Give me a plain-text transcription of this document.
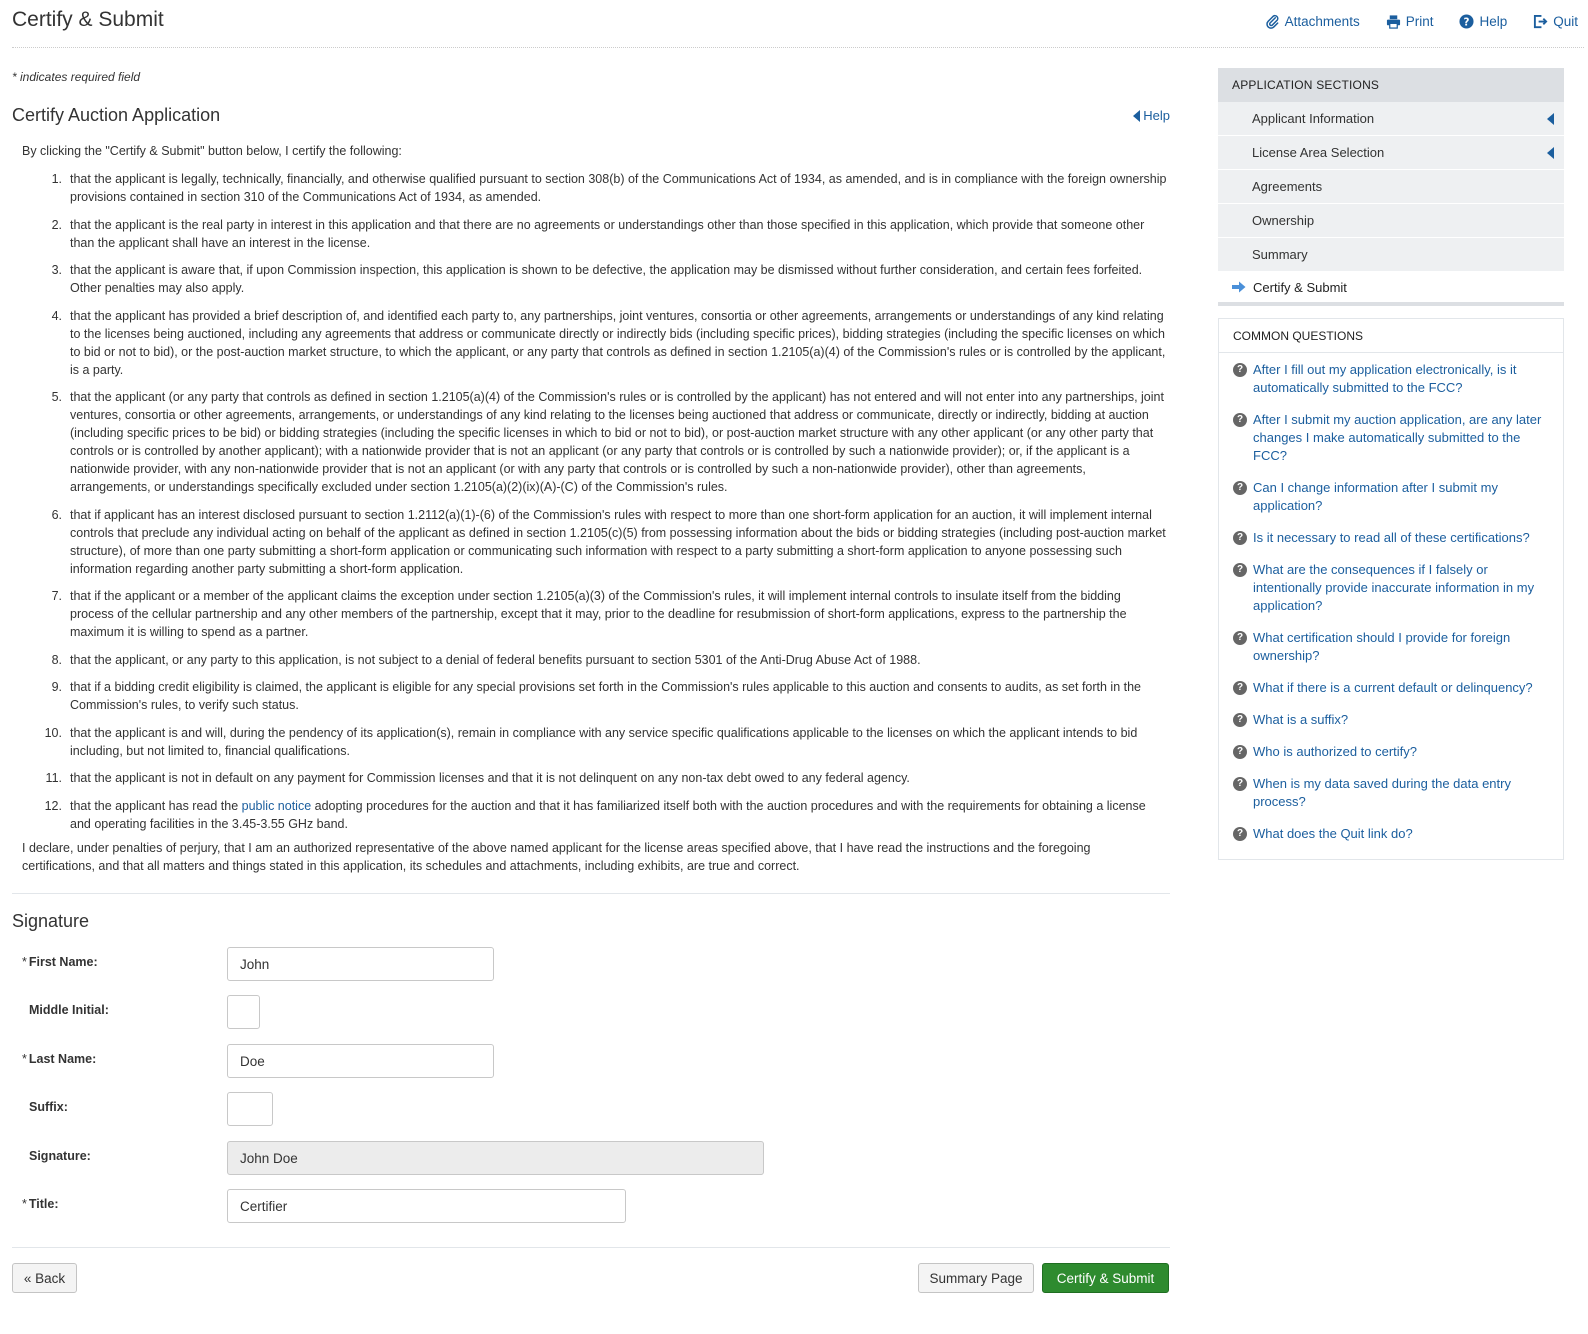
Certify & Submit	Attachments	Print	? Help	Quit
* indicates required field
Certify Auction Application	Help
By clicking the "Certify & Submit" button below, I certify the following:
1. that the applicant is legally, technically, financially, and otherwise qualified pursuant to section 308(b) of the Communications Act of 1934, as amended, and is in compliance with the foreign ownership provisions contained in section 310 of the Communications Act of 1934, as amended.
2. that the applicant is the real party in interest in this application and that there are no agreements or understandings other than those specified in this application, which provide that someone other than the applicant shall have an interest in the license.
3. that the applicant is aware that, if upon Commission inspection, this application is shown to be defective, the application may be dismissed without further consideration, and certain fees forfeited. Other penalties may also apply.
4. that the applicant has provided a brief description of, and identified each party to, any partnerships, joint ventures, consortia or other agreements, arrangements or understandings of any kind relating to the licenses being auctioned, including any agreements that address or communicate directly or indirectly bids (including specific prices), bidding strategies (including the specific licenses on which to bid or not to bid), or the post-auction market structure, to which the applicant, or any party that controls as defined in section 1.2105(a)(4) of the Commission's rules or is controlled by the applicant, is a party.
5. that the applicant (or any party that controls as defined in section 1.2105(a)(4) of the Commission's rules or is controlled by the applicant) has not entered and will not enter into any partnerships, joint ventures, consortia or other agreements, arrangements, or understandings of any kind relating to the licenses being auctioned that address or communicate, directly or indirectly, bidding at auction (including specific prices to be bid) or bidding strategies (including the specific licenses in which to bid or not to bid), or post-auction market structure with any other applicant (or any other party that controls or is controlled by another applicant); with a nationwide provider that is not an applicant (or any party that controls or is controlled by such a nationwide provider); or, if the applicant is a nationwide provider, with any non-nationwide provider that is not an applicant (or with any party that controls or is controlled by such a non-nationwide provider), other than agreements, arrangements, or understandings specifically excluded under section 1.2105(a)(2)(ix)(A)-(C) of the Commission's rules.
6. that if applicant has an interest disclosed pursuant to section 1.2112(a)(1)-(6) of the Commission's rules with respect to more than one short-form application for an auction, it will implement internal controls that preclude any individual acting on behalf of the applicant as defined in section 1.2105(c)(5) from possessing information about the bids or bidding strategies (including post-auction market structure), of more than one party submitting a short-form application or communicating such information with respect to a party submitting a short-form application to anyone possessing such information regarding another party submitting a short-form application.
7. that if the applicant or a member of the applicant claims the exception under section 1.2105(a)(3) of the Commission's rules, it will implement internal controls to insulate itself from the bidding process of the cellular partnership and any other members of the partnership, except that it may, prior to the deadline for resubmission of short-form applications, express to the partnership the maximum it is willing to spend as a partner.
8. that the applicant, or any party to this application, is not subject to a denial of federal benefits pursuant to section 5301 of the Anti-Drug Abuse Act of 1988.
9. that if a bidding credit eligibility is claimed, the applicant is eligible for any special provisions set forth in the Commission's rules applicable to this auction and consents to audits, as set forth in the Commission's rules, to verify such status.
10. that the applicant is and will, during the pendency of its application(s), remain in compliance with any service specific qualifications applicable to the licenses on which the applicant intends to bid including, but not limited to, financial qualifications.
11. that the applicant is not in default on any payment for Commission licenses and that it is not delinquent on any non-tax debt owed to any federal agency.
12. that the applicant has read the public notice adopting procedures for the auction and that it has familiarized itself both with the auction procedures and with the requirements for obtaining a license and operating facilities in the 3.45-3.55 GHz band.
I declare, under penalties of perjury, that I am an authorized representative of the above named applicant for the license areas specified above, that I have read the instructions and the foregoing certifications, and that all matters and things stated in this application, its schedules and attachments, including exhibits, are true and correct.
Signature
* First Name:
John
Middle Initial:
* Last Name:
Doe
Suffix:
Signature:
John Doe
* Title:
Certifier
« Back	Summary Page	Certify & Submit
APPLICATION SECTIONS
Applicant Information
License Area Selection
Agreements
Ownership
Summary
Certify & Submit
COMMON QUESTIONS
? After I fill out my application electronically, is it automatically submitted to the FCC?
? After I submit my auction application, are any later changes I make automatically submitted to the FCC?
? Can I change information after I submit my application?
? Is it necessary to read all of these certifications?
? What are the consequences if I falsely or intentionally provide inaccurate information in my application?
? What certification should I provide for foreign ownership?
? What if there is a current default or delinquency?
? What is a suffix?
? Who is authorized to certify?
? When is my data saved during the data entry process?
? What does the Quit link do?
